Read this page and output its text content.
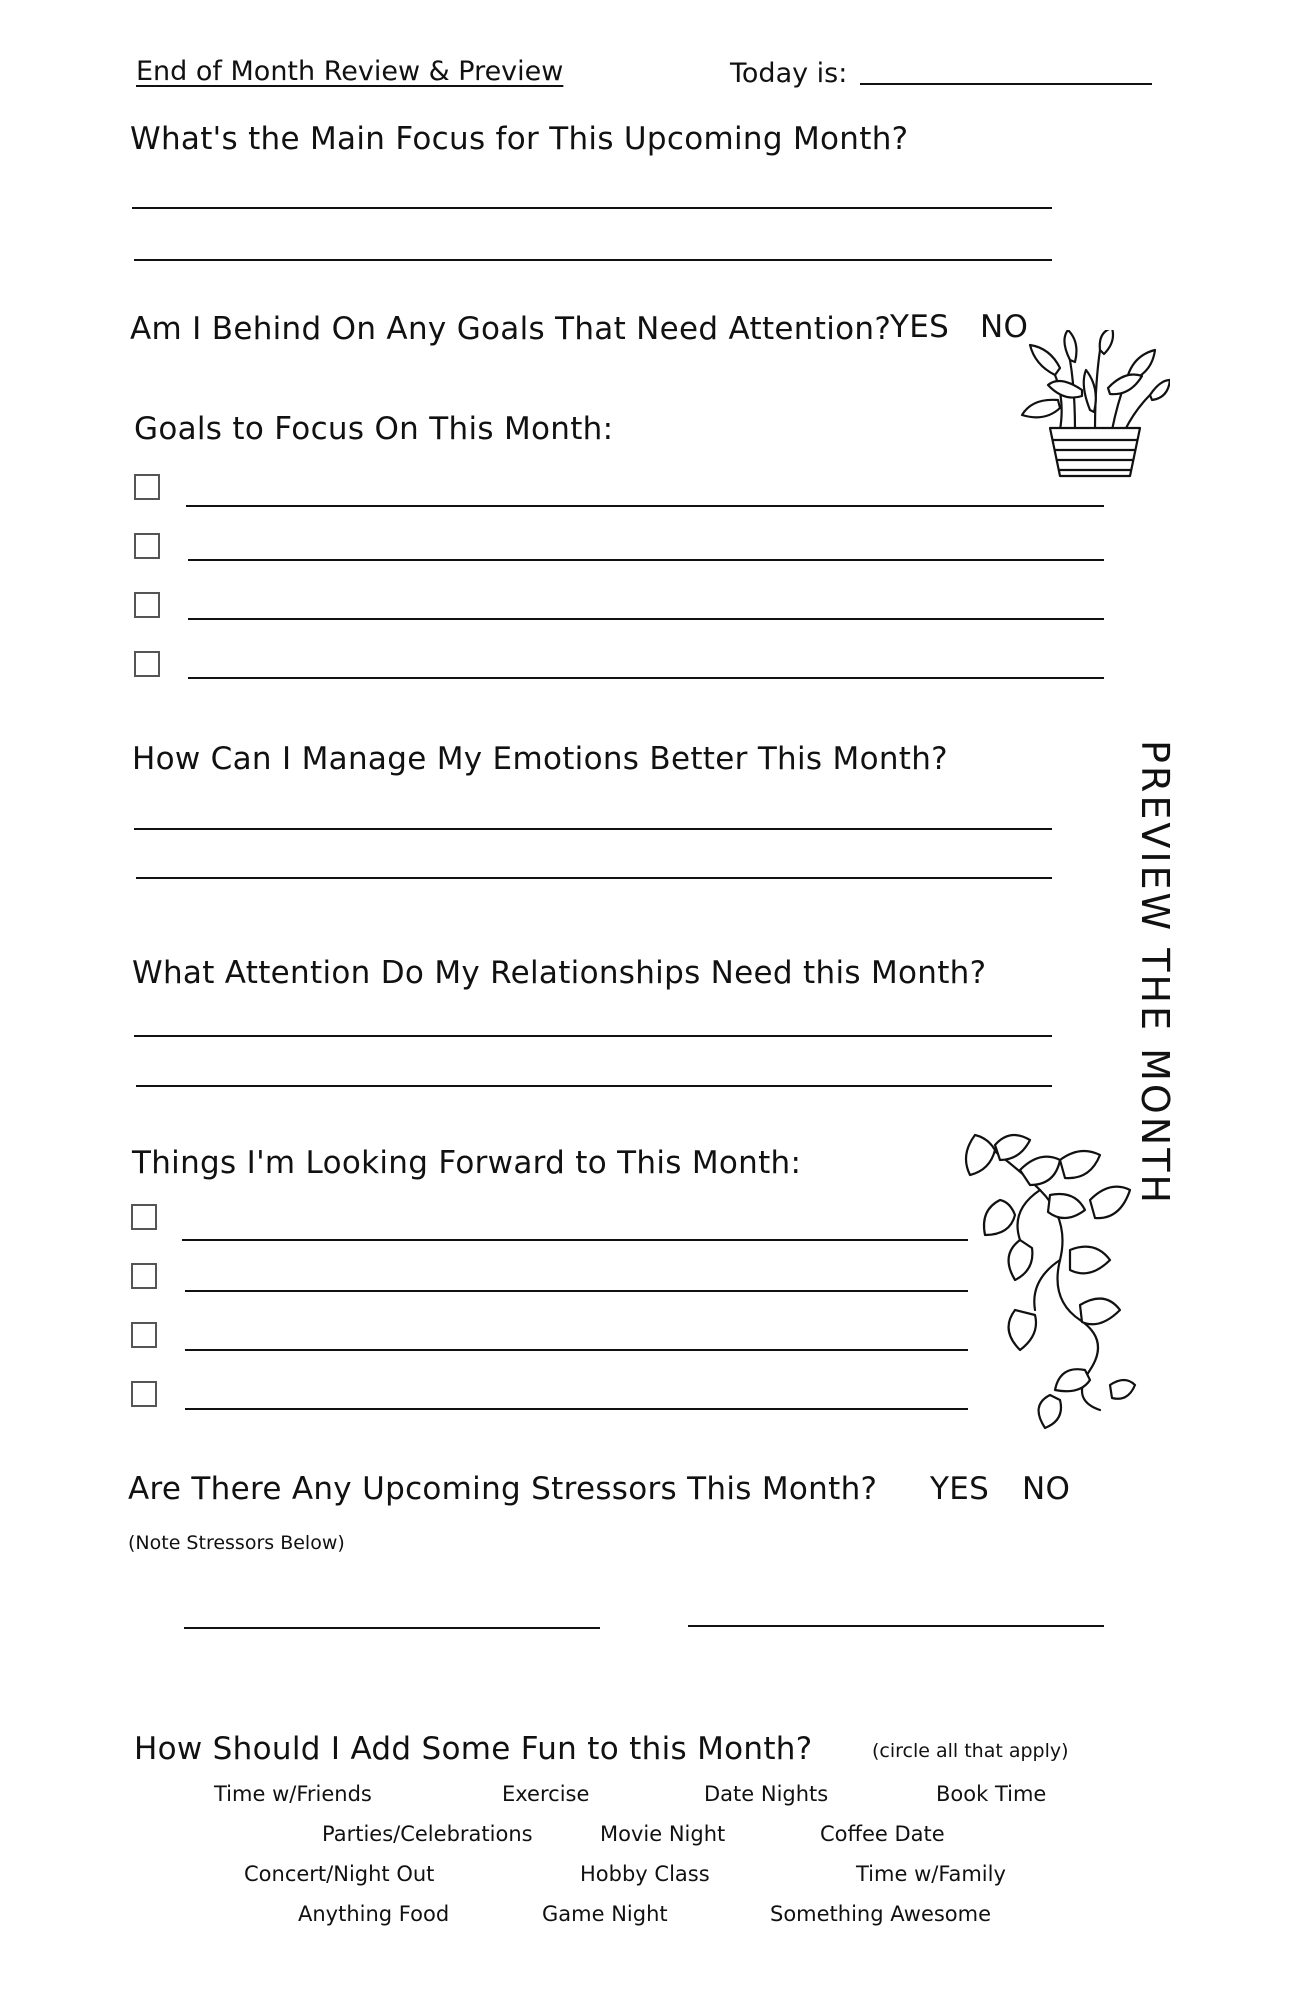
End of Month Review & Preview	Today is:
PREVIEW THE MONTH
What's the Main Focus for This Upcoming Month?
Am I Behind On Any Goals That Need Attention?
YES NO
Goals to Focus On This Month:
How Can I Manage My Emotions Better This Month?
What Attention Do My Relationships Need this Month?
Things I'm Looking Forward to This Month:
Are There Any Upcoming Stressors This Month? YES NO
(Note Stressors Below)
How Should I Add Some Fun to this Month?	(circle all that apply)
Time w/Friends	Exercise	Date Nights	Book Time
Parties/Celebrations	Movie Night	Coffee Date
Concert/Night Out	Hobby Class	Time w/Family
Anything Food	Game Night	Something Awesome
